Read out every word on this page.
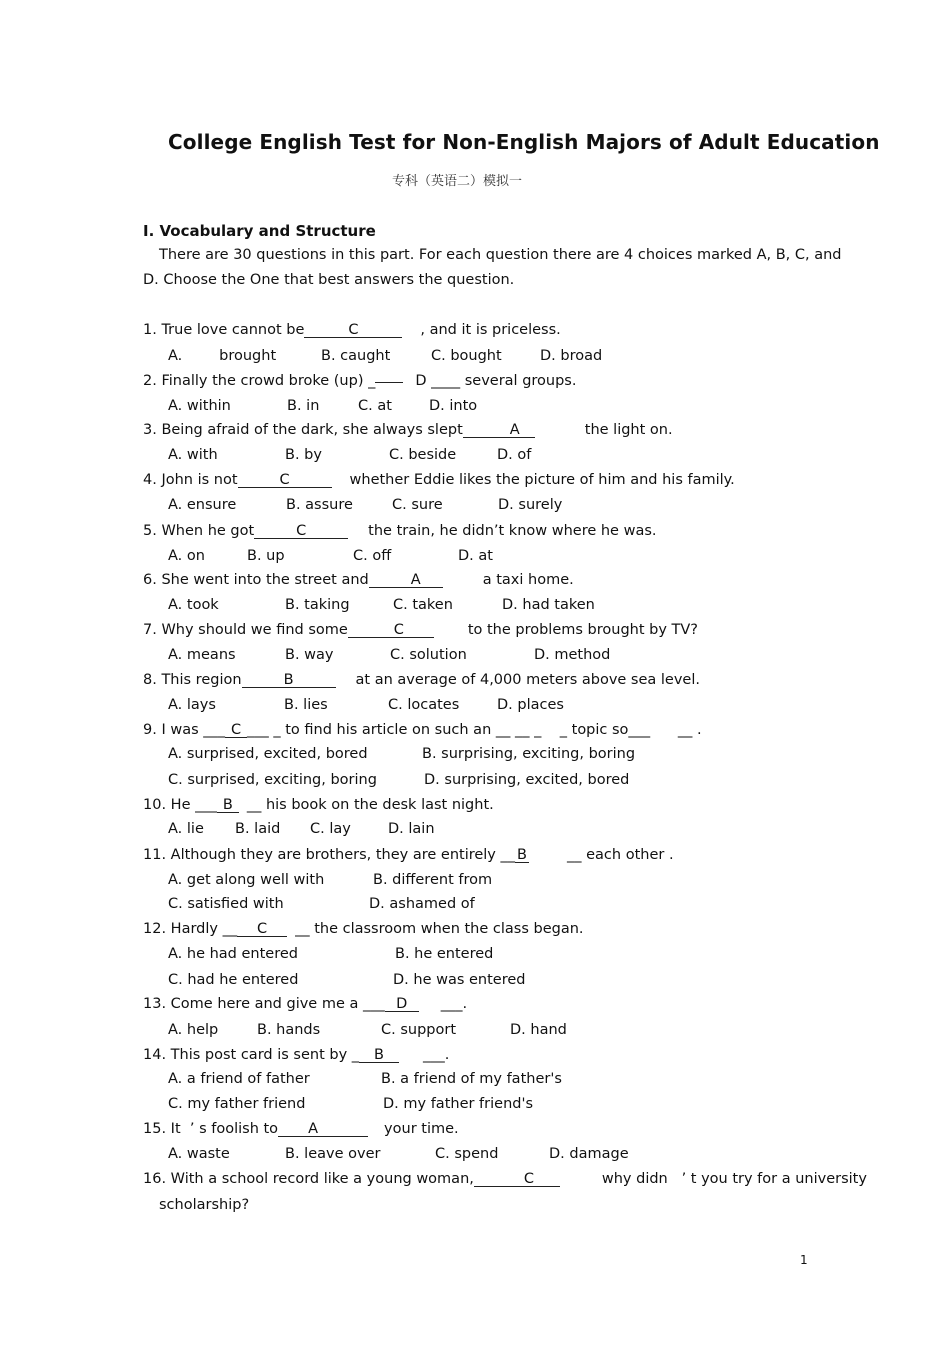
College English Test for Non-English Majors of Adult Education
专科（英语二）模拟一
I. Vocabulary and Structure
There are 30 questions in this part. For each question there are 4 choices marked A, B, C, and
D. Choose the One that best answers the question.
1. True love cannot be	C	, and it is priceless.
A.        brought	B. caught	C. bought	D. broad
2. Finally the crowd broke (up) _	D ____ several groups.
A. within	B. in	C. at	D. into
3. Being afraid of the dark, she always slept	A	the light on.
A. with	B. by	C. beside	D. of
4. John is not	C	whether Eddie likes the picture of him and his family.
A. ensure	B. assure	C. sure	D. surely
5. When he got	C	the train, he didn’t know where he was.
A. on	B. up	C. off	D. at
6. She went into the street and	A	a taxi home.
A. took	B. taking	C. taken	D. had taken
7. Why should we find some	C	to the problems brought by TV?
A. means	B. way	C. solution	D. method
8. This region	B	at an average of 4,000 meters above sea level.
A. lays	B. lies	C. locates	D. places
9. I was ___ C ___ _ to find his article on such an __ __ _    _ topic so___      __ .
A. surprised, excited, bored	B. surprising, exciting, boring
C. surprised, exciting, boring	D. surprising, excited, bored
10. He ___ B __ his book on the desk last night.
A. lie B. laid C. lay	D. lain
11. Although they are brothers, they are entirely __ B	__ each other .
A. get along well with	B. different from
C. satisfied with	D. ashamed of
12. Hardly __ C __ the classroom when the class began.
A. he had entered	B. he entered
C. had he entered	D. he was entered
13. Come here and give me a ___ D ___.
A. help	B. hands	C. support	D. hand
14. This post card is sent by _ B	___.
A. a friend of father	B. a friend of my father's
C. my father friend	D. my father friend's
15. It  ’ s foolish to A	your time.
A. waste	B. leave over	C. spend	D. damage
16. With a school record like a young woman,	C	why didn   ’ t you try for a university
scholarship?
1
